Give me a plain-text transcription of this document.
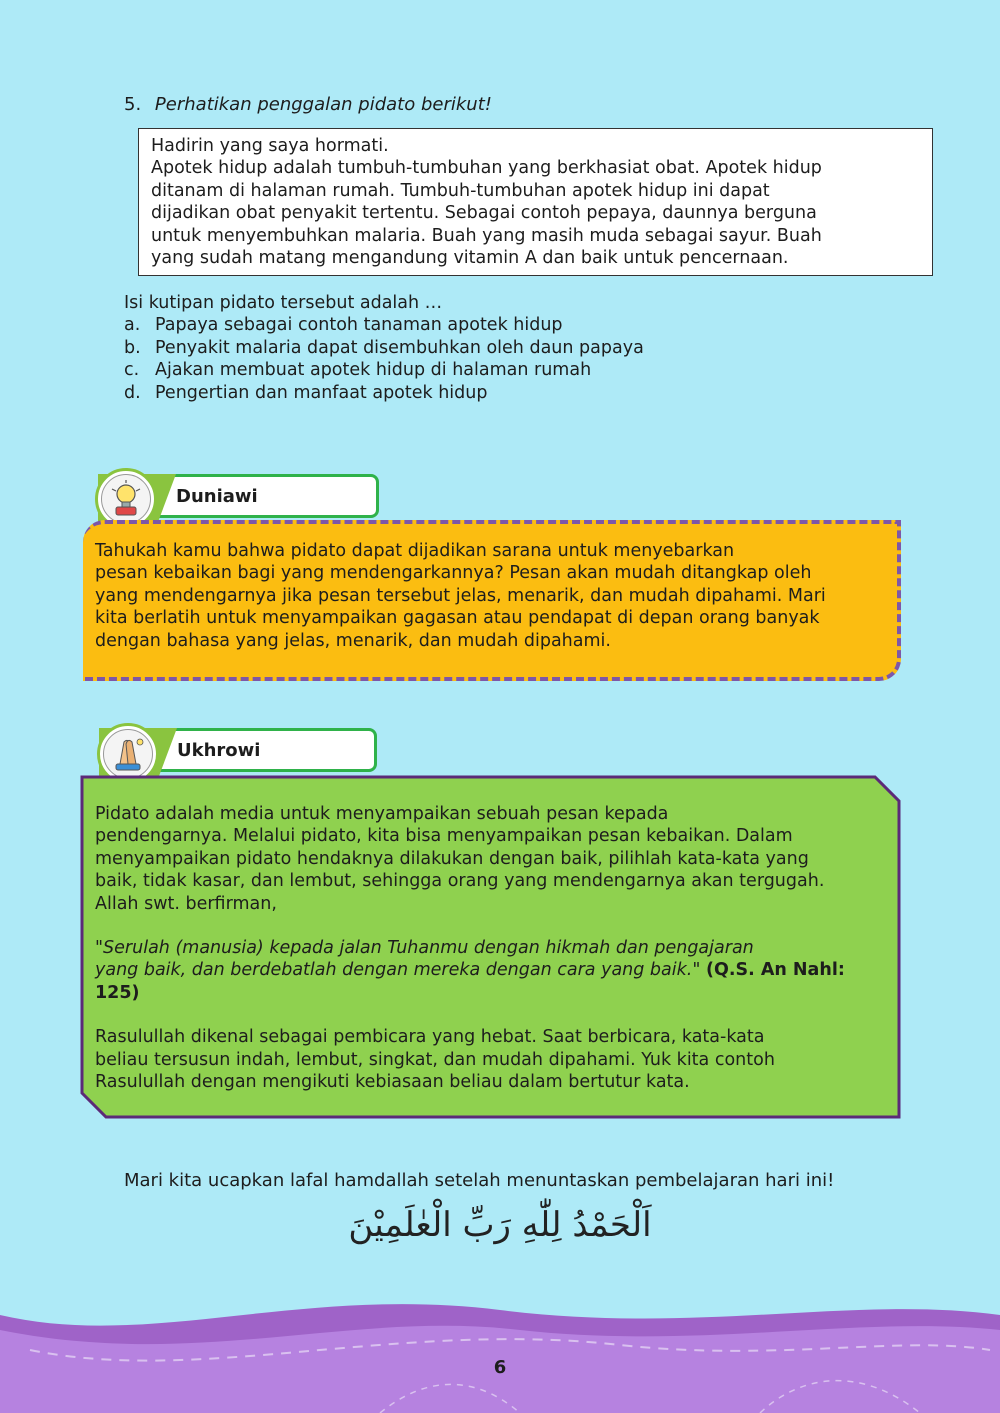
5. Perhatikan penggalan pidato berikut!

Hadirin yang saya hormati.

Apotek hidup adalah tumbuh-tumbuhan yang berkhasiat obat. Apotek hidup

ditanam di halaman rumah. Tumbuh-tumbuhan apotek hidup ini dapat

dijadikan obat penyakit tertentu. Sebagai contoh pepaya, daunnya berguna

untuk menyembuhkan malaria. Buah yang masih muda sebagai sayur. Buah

yang sudah matang mengandung vitamin A dan baik untuk pencernaan.

Isi kutipan pidato tersebut adalah …
a. Papaya sebagai contoh tanaman apotek hidup
b. Penyakit malaria dapat disembuhkan oleh daun papaya
c. Ajakan membuat apotek hidup di halaman rumah
d. Pengertian dan manfaat apotek hidup
Duniawi

Tahukah kamu bahwa pidato dapat dijadikan sarana untuk menyebarkan

pesan kebaikan bagi yang mendengarkannya? Pesan akan mudah ditangkap oleh

yang mendengarnya jika pesan tersebut jelas, menarik, dan mudah dipahami. Mari

kita berlatih untuk menyampaikan gagasan atau pendapat di depan orang banyak

dengan bahasa yang jelas, menarik, dan mudah dipahami.

Ukhrowi

Pidato adalah media untuk menyampaikan sebuah pesan kepada

pendengarnya. Melalui pidato, kita bisa menyampaikan pesan kebaikan. Dalam

menyampaikan pidato hendaknya dilakukan dengan baik, pilihlah kata-kata yang

baik, tidak kasar, dan lembut, sehingga orang yang mendengarnya akan tergugah.

Allah swt. berfirman,

"Serulah (manusia) kepada jalan Tuhanmu dengan hikmah dan pengajaran

yang baik, dan berdebatlah dengan mereka dengan cara yang baik." (Q.S. An Nahl:

125)

Rasulullah dikenal sebagai pembicara yang hebat. Saat berbicara, kata-kata

beliau tersusun indah, lembut, singkat, dan mudah dipahami. Yuk kita contoh

Rasulullah dengan mengikuti kebiasaan beliau dalam bertutur kata.

Mari kita ucapkan lafal hamdallah setelah menuntaskan pembelajaran hari ini!
اَلْحَمْدُ لِلّٰهِ رَبِّ الْعٰلَمِيْنَ
6
